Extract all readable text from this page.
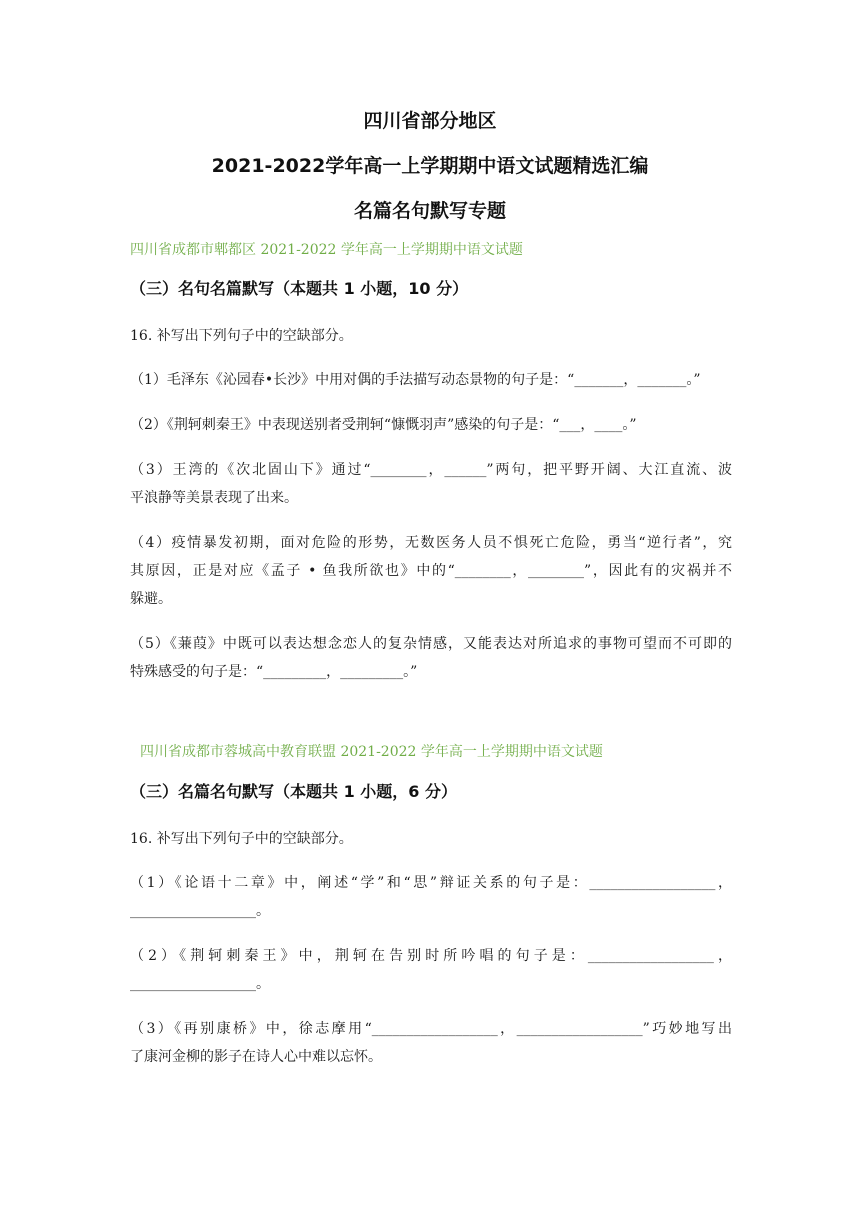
四川省部分地区
2021-2022学年高一上学期期中语文试题精选汇编
名篇名句默写专题
四川省成都市郫都区 2021-2022 学年高一上学期期中语文试题
（三）名句名篇默写（本题共 1 小题，10 分）
16. 补写出下列句子中的空缺部分。
（1）毛泽东《沁园春•长沙》中用对偶的手法描写动态景物的句子是：“_______，_______。”
（2）《荆轲刺秦王》中表现送别者受荆轲“慷慨羽声”感染的句子是：“___，____。”
（3）王湾的《次北固山下》通过“________，______”两句，把平野开阔、大江直流、波
平浪静等美景表现了出来。
（4）疫情暴发初期，面对危险的形势，无数医务人员不惧死亡危险，勇当“逆行者”，究
其原因，正是对应《孟子 • 鱼我所欲也》中的“________，________”，因此有的灾祸并不
躲避。
（5）《蒹葭》中既可以表达想念恋人的复杂情感，又能表达对所追求的事物可望而不可即的
特殊感受的句子是：“_________，_________。”
四川省成都市蓉城高中教育联盟 2021-2022 学年高一上学期期中语文试题
（三）名篇名句默写（本题共 1 小题，6 分）
16. 补写出下列句子中的空缺部分。
（1）《论语十二章》中，阐述“学”和“思”辩证关系的句子是：__________________，
__________________。
（2）《荆轲刺秦王》中，荆轲在告别时所吟唱的句子是：__________________，
__________________。
（3）《再别康桥》中，徐志摩用“__________________，__________________”巧妙地写出
了康河金柳的影子在诗人心中难以忘怀。
